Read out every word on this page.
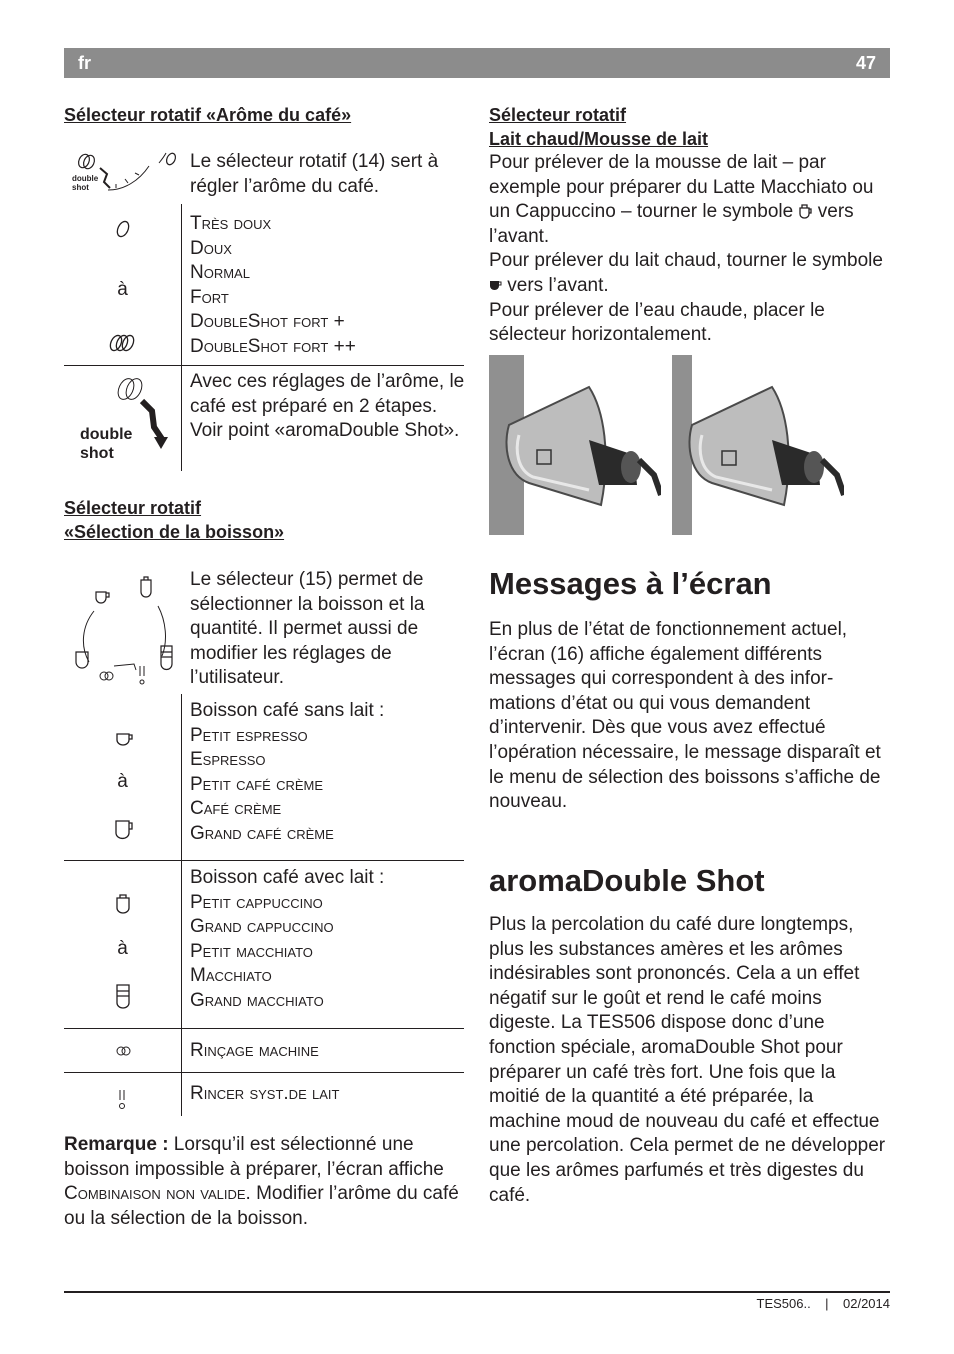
fr	47
Sélecteur rotatif «Arôme du café»
double
shot
Le sélecteur rotatif (14) sert à régler l’arôme du café.
à
Très doux
Doux
Normal
Fort
DoubleShot fort +
DoubleShot fort ++
double
shot
Avec ces réglages de l’arôme, le café est préparé en 2 étapes. Voir point «aromaDouble Shot».
Sélecteur rotatif
«Sélection de la boisson»
Le sélecteur (15) permet de sélectionner la boisson et la quantité. Il permet aussi de modifier les réglages de l’utilisateur.
à
Boisson café sans lait :
Petit espresso
Espresso
Petit café crème
Café crème
Grand café crème
à
Boisson café avec lait :
Petit cappuccino
Grand cappuccino
Petit macchiato
Macchiato
Grand macchiato
Rinçage machine
Rincer syst.de lait
Remarque : Lorsqu’il est sélectionné une boisson impossible à préparer, l’écran affiche Combinaison non valide. Modifier l’arôme du café ou la sélection de la boisson.
Sélecteur rotatif
Lait chaud/Mousse de lait
Pour prélever de la mousse de lait – par exemple pour préparer du Latte Macchiato ou un Cappuccino – tourner le symbole vers l’avant.
Pour prélever du lait chaud, tourner le symbole  vers l’avant.
Pour prélever de l’eau chaude, placer le sélecteur horizontalement.
Messages à l’écran
En plus de l’état de fonctionnement actuel, l’écran (16) affiche également différents messages qui correspondent à des informations d’état ou qui vous demandent d’intervenir. Dès que vous avez effectué l’opération nécessaire, le message disparaît et le menu de sélection des boissons s’affiche de nouveau.
aromaDouble Shot
Plus la percolation du café dure longtemps, plus les substances amères et les arômes indésirables sont prononcés. Cela a un effet négatif sur le goût et rend le café moins digeste. La TES506 dispose donc d’une fonction spéciale, aromaDouble Shot pour préparer un café très fort. Une fois que la moitié de la quantité a été préparée, la machine moud de nouveau du café et effectue une percolation. Cela permet de ne développer que les arômes parfumés et très digestes du café.
TES506.. | 02/2014
